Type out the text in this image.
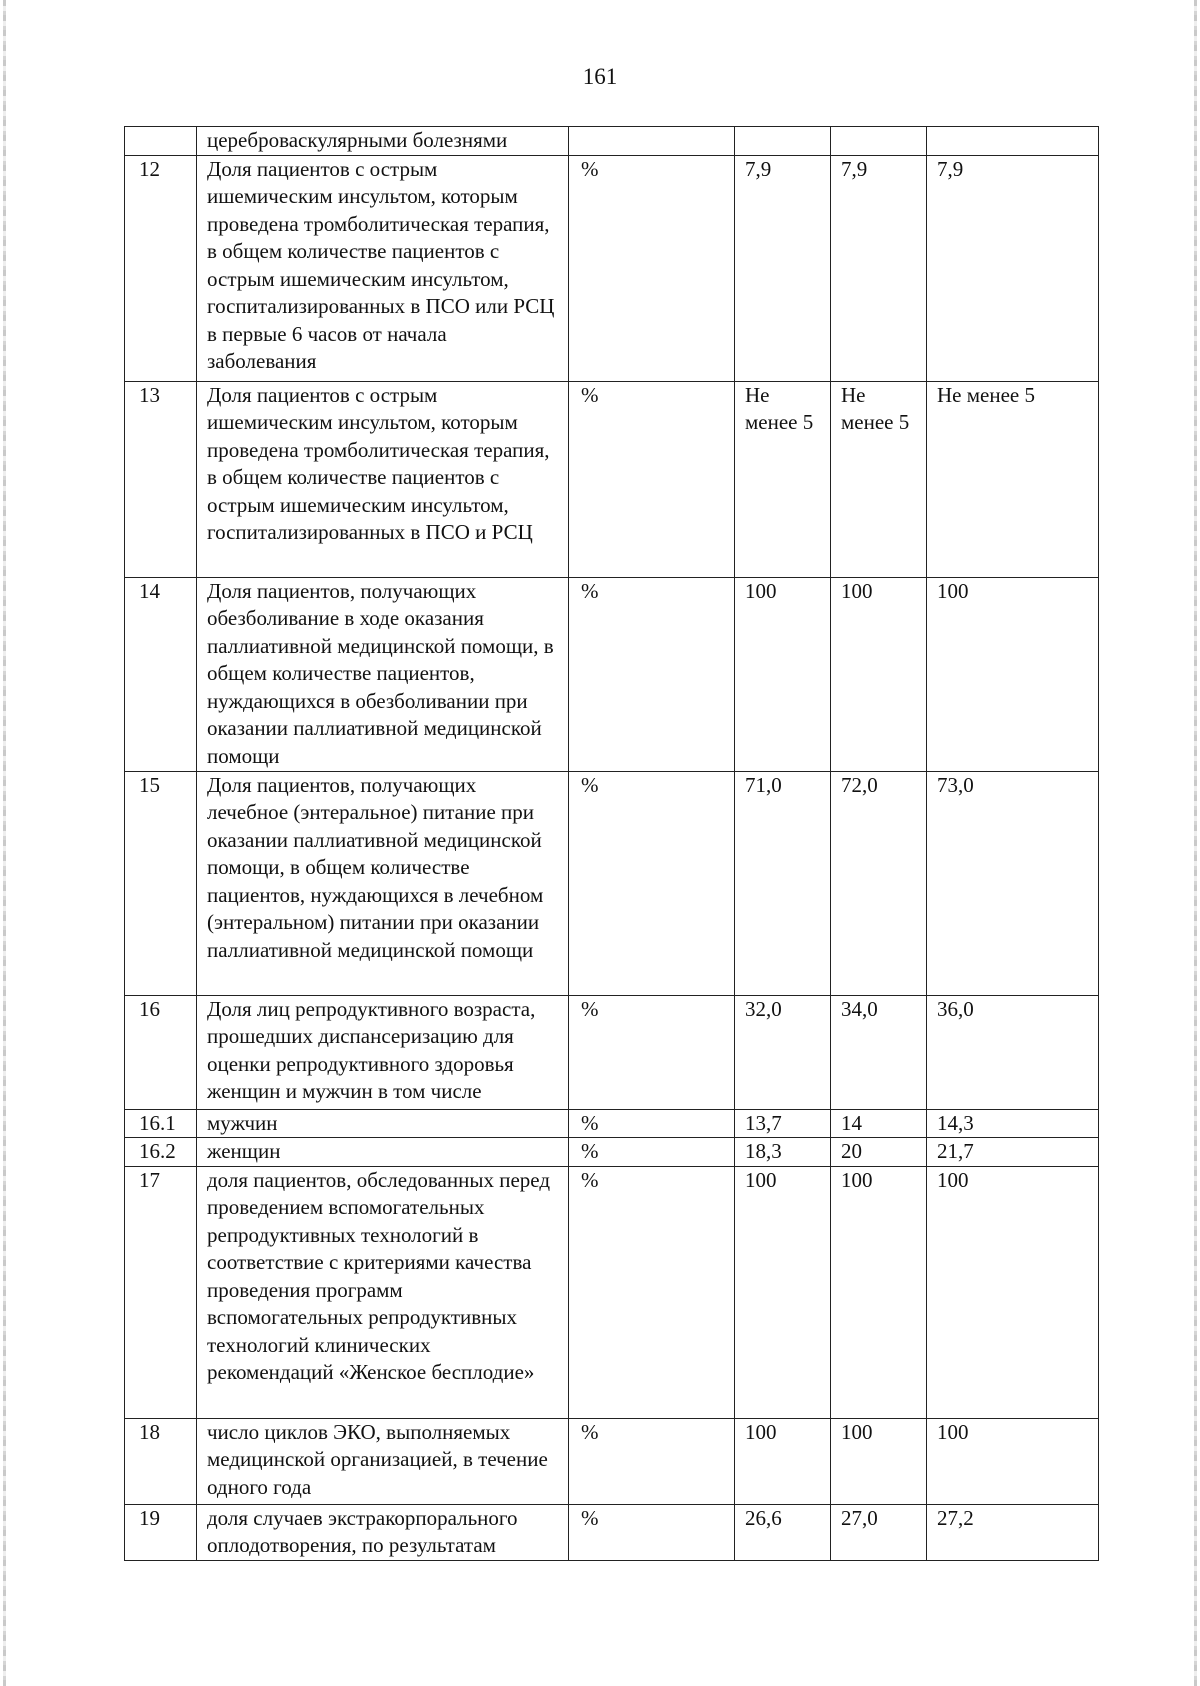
161
	цереброваскулярными болезнями				
12	Доля пациентов с острым ишемическим инсультом, которым проведена тромболитическая терапия, в общем количестве пациентов с острым ишемическим инсультом, госпитализированных в ПСО или РСЦ в первые 6 часов от начала заболевания	%	7,9	7,9	7,9
13	Доля пациентов с острым ишемическим инсультом, которым проведена тромболитическая терапия, в общем количестве пациентов с острым ишемическим инсультом, госпитализированных в ПСО и РСЦ	%	Не менее 5	Не менее 5	Не менее 5
14	Доля пациентов, получающих обезболивание в ходе оказания паллиативной медицинской помощи, в общем количестве пациентов, нуждающихся в обезболивании при оказании паллиативной медицинской помощи	%	100	100	100
15	Доля пациентов, получающих лечебное (энтеральное) питание при оказании паллиативной медицинской помощи, в общем количестве пациентов, нуждающихся в лечебном (энтеральном) питании при оказании паллиативной медицинской помощи	%	71,0	72,0	73,0
16	Доля лиц репродуктивного возраста, прошедших диспансеризацию для оценки репродуктивного здоровья женщин и мужчин в том числе	%	32,0	34,0	36,0
16.1	мужчин	%	13,7	14	14,3
16.2	женщин	%	18,3	20	21,7
17	доля пациентов, обследованных перед проведением вспомогательных репродуктивных технологий в соответствие с критериями качества проведения программ вспомогательных репродуктивных технологий клинических рекомендаций «Женское бесплодие»	%	100	100	100
18	число циклов ЭКО, выполняемых медицинской организацией, в течение одного года	%	100	100	100
19	доля случаев экстракорпорального оплодотворения, по результатам	%	26,6	27,0	27,2
